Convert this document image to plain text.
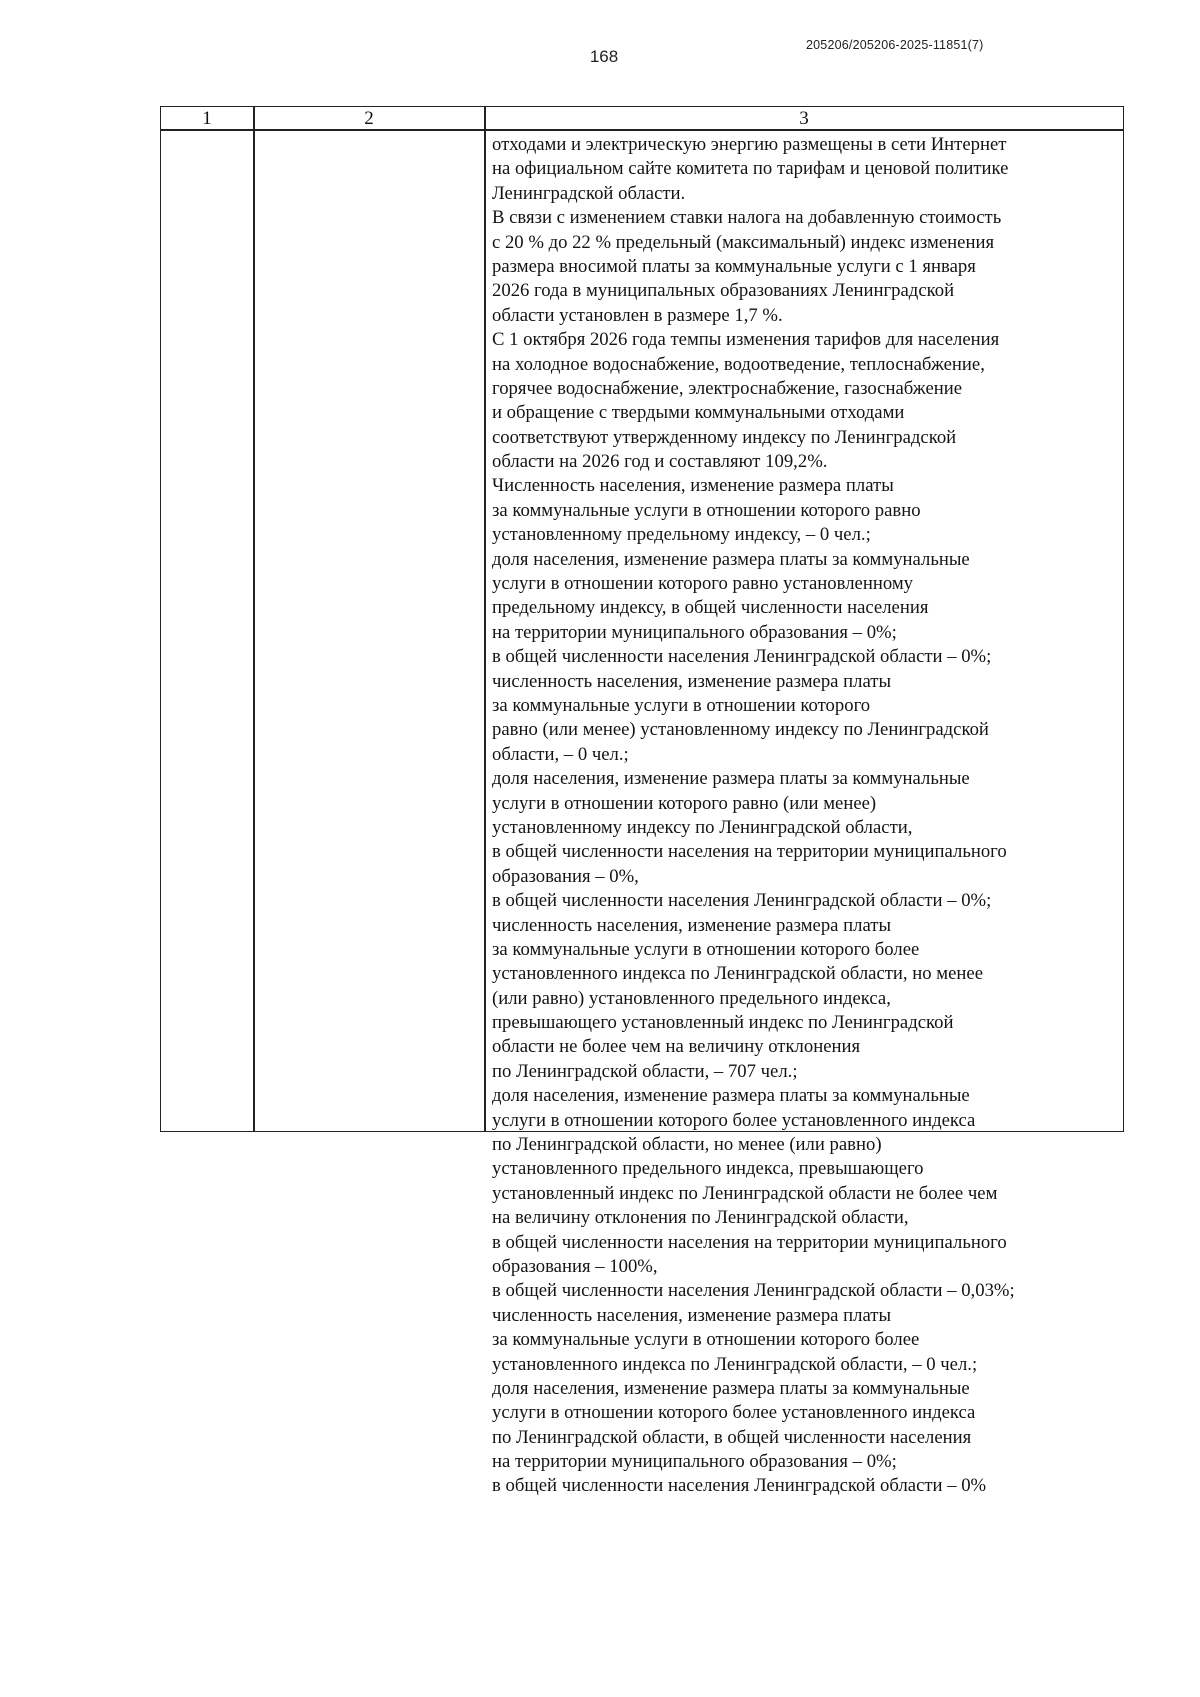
168
205206/205206-2025-11851(7)
1	2	3
отходами и электрическую энергию размещены в сети Интернет
на официальном сайте комитета по тарифам и ценовой политике
Ленинградской области.
В связи с изменением ставки налога на добавленную стоимость
с 20 % до 22 % предельный (максимальный) индекс изменения
размера вносимой платы за коммунальные услуги с 1 января
2026 года в муниципальных образованиях Ленинградской
области установлен в размере 1,7 %.
С 1 октября 2026 года темпы изменения тарифов для населения
на холодное водоснабжение, водоотведение, теплоснабжение,
горячее водоснабжение, электроснабжение, газоснабжение
и обращение с твердыми коммунальными отходами
соответствуют утвержденному индексу по Ленинградской
области на 2026 год и составляют 109,2%.
Численность населения, изменение размера платы
за коммунальные услуги в отношении которого равно
установленному предельному индексу, – 0 чел.;
доля населения, изменение размера платы за коммунальные
услуги в отношении которого равно установленному
предельному индексу, в общей численности населения
на территории муниципального образования – 0%;
в общей численности населения Ленинградской области – 0%;
численность населения, изменение размера платы
за коммунальные услуги в отношении которого
равно (или менее) установленному индексу по Ленинградской
области, – 0 чел.;
доля населения, изменение размера платы за коммунальные
услуги в отношении которого равно (или менее)
установленному индексу по Ленинградской области,
в общей численности населения на территории муниципального
образования – 0%,
в общей численности населения Ленинградской области – 0%;
численность населения, изменение размера платы
за коммунальные услуги в отношении которого более
установленного индекса по Ленинградской области, но менее
(или равно) установленного предельного индекса,
превышающего установленный индекс по Ленинградской
области не более чем на величину отклонения
по Ленинградской области, – 707 чел.;
доля населения, изменение размера платы за коммунальные
услуги в отношении которого более установленного индекса
по Ленинградской области, но менее (или равно)
установленного предельного индекса, превышающего
установленный индекс по Ленинградской области не более чем
на величину отклонения по Ленинградской области,
в общей численности населения на территории муниципального
образования – 100%,
в общей численности населения Ленинградской области – 0,03%;
численность населения, изменение размера платы
за коммунальные услуги в отношении которого более
установленного индекса по Ленинградской области, – 0 чел.;
доля населения, изменение размера платы за коммунальные
услуги в отношении которого более установленного индекса
по Ленинградской области, в общей численности населения
на территории муниципального образования – 0%;
в общей численности населения Ленинградской области – 0%
